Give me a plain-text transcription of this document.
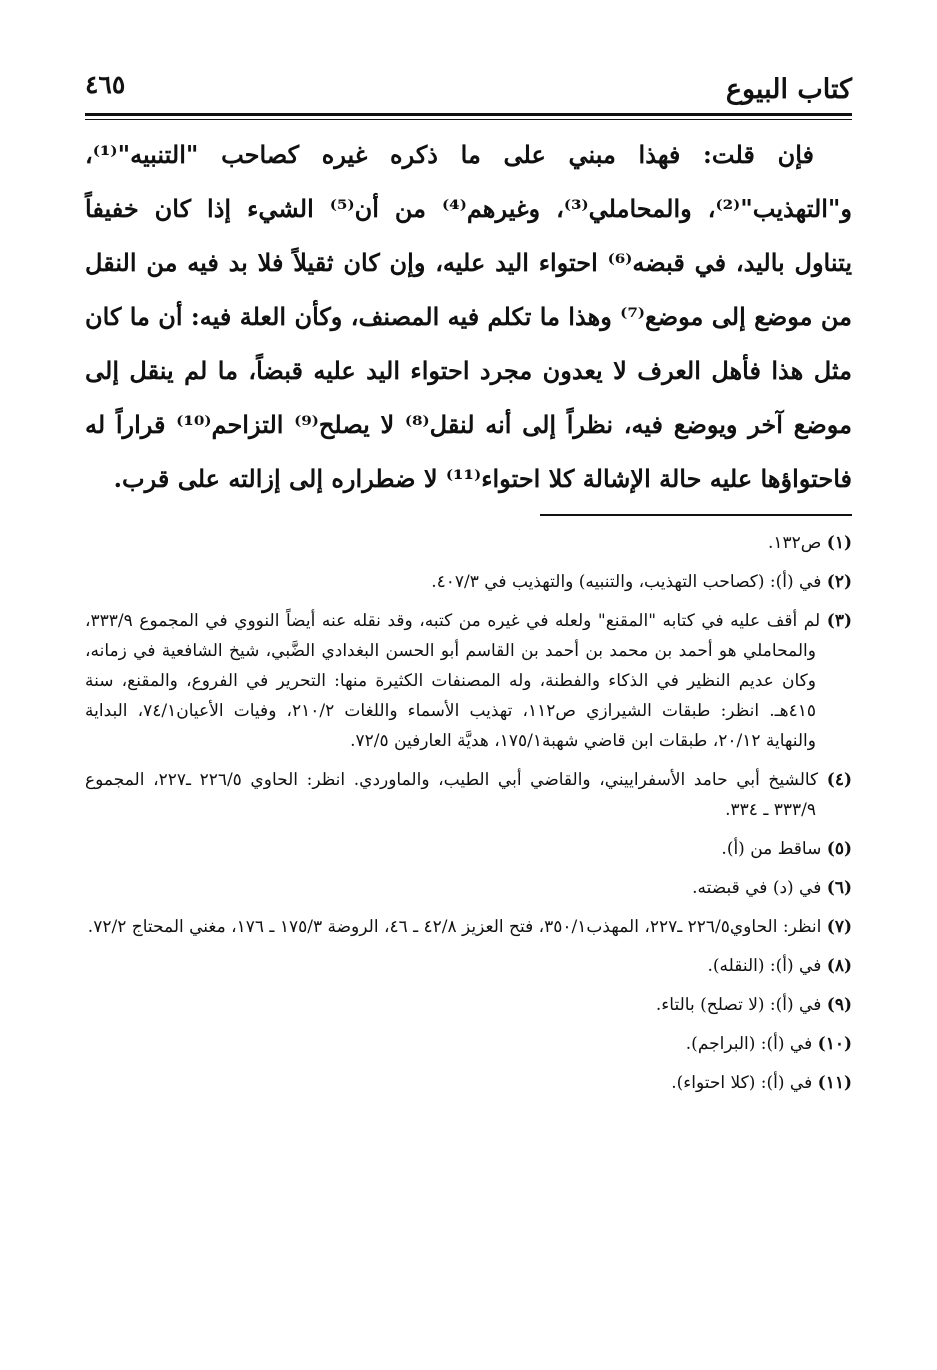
كتاب البيوع
٤٦٥

فإن قلت: فهذا مبني على ما ذكره غيره كصاحب "التنبيه"⁽¹⁾، و"التهذيب"⁽²⁾، والمحاملي⁽³⁾، وغيرهم⁽⁴⁾ من أن⁽⁵⁾ الشيء إذا كان خفيفاً يتناول باليد، في قبضه⁽⁶⁾ احتواء اليد عليه، وإن كان ثقيلاً فلا بد فيه من النقل من موضع إلى موضع⁽⁷⁾ وهذا ما تكلم فيه المصنف، وكأن العلة فيه: أن ما كان مثل هذا فأهل العرف لا يعدون مجرد احتواء اليد عليه قبضاً، ما لم ينقل إلى موضع آخر ويوضع فيه، نظراً إلى أنه لنقل⁽⁸⁾ لا يصلح⁽⁹⁾ التزاحم⁽¹⁰⁾ قراراً له فاحتواؤها عليه حالة الإشالة كلا احتواء⁽¹¹⁾ لا ضطراره إلى إزالته على قرب.

(١) ص١٣٢.
(٢) في (أ): (كصاحب التهذيب، والتنبيه) والتهذيب في ٤٠٧/٣.
(٣) لم أقف عليه في كتابه "المقنع" ولعله في غيره من كتبه، وقد نقله عنه أيضاً النووي في المجموع ٣٣٣/٩، والمحاملي هو أحمد بن محمد بن أحمد بن القاسم أبو الحسن البغدادي الضَّبي، شيخ الشافعية في زمانه، وكان عديم النظير في الذكاء والفطنة، وله المصنفات الكثيرة منها: التحرير في الفروع، والمقنع، سنة ٤١٥هـ. انظر: طبقات الشيرازي ص١١٢، تهذيب الأسماء واللغات ٢١٠/٢، وفيات الأعيان٧٤/١، البداية والنهاية ٢٠/١٢، طبقات ابن قاضي شهبة١٧٥/١، هديَّة العارفين ٧٢/٥.
(٤) كالشيخ أبي حامد الأسفراييني، والقاضي أبي الطيب، والماوردي. انظر: الحاوي ٢٢٦/٥ ـ٢٢٧، المجموع ٣٣٣/٩ ـ ٣٣٤.
(٥) ساقط من (أ).
(٦) في (د) في قبضته.
(٧) انظر: الحاوي٢٢٦/٥ ـ٢٢٧، المهذب٣٥٠/١، فتح العزيز ٤٢/٨ ـ ٤٦، الروضة ١٧٥/٣ ـ ١٧٦، مغني المحتاج ٧٢/٢.
(٨) في (أ): (النقله).
(٩) في (أ): (لا تصلح) بالتاء.
(١٠) في (أ): (البراجم).
(١١) في (أ): (كلا احتواء).
